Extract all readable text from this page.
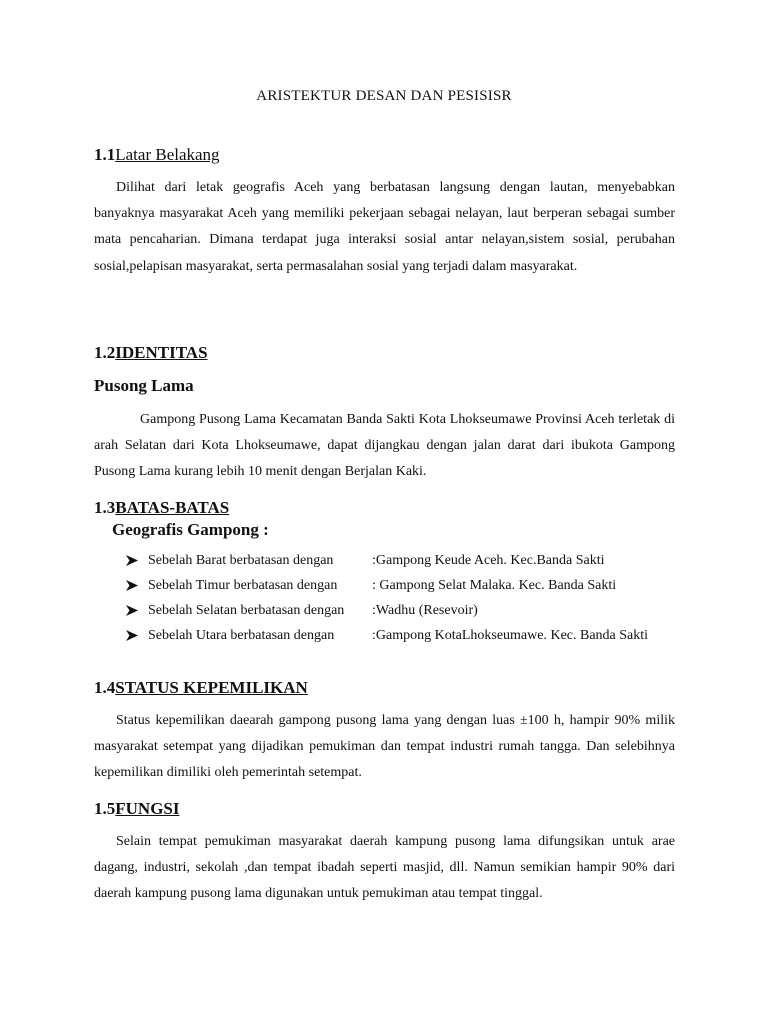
ARISTEKTUR DESAN DAN PESISISR
1.1Latar Belakang

Dilihat dari letak geografis Aceh yang berbatasan langsung dengan lautan, menyebabkan banyaknya masyarakat Aceh yang memiliki pekerjaan sebagai nelayan, laut berperan sebagai sumber mata pencaharian. Dimana terdapat juga interaksi sosial antar nelayan,sistem sosial, perubahan sosial,pelapisan masyarakat, serta permasalahan sosial yang terjadi dalam masyarakat.

1.2IDENTITAS
Pusong Lama

Gampong Pusong Lama Kecamatan Banda Sakti Kota Lhokseumawe Provinsi Aceh terletak di arah Selatan dari Kota Lhokseumawe, dapat dijangkau dengan jalan darat dari ibukota Gampong Pusong Lama kurang lebih 10 menit dengan Berjalan Kaki.

1.3BATAS-BATAS
Geografis Gampong :
Sebelah Barat berbatasan dengan	:Gampong Keude Aceh. Kec.Banda Sakti
Sebelah Timur berbatasan dengan : Gampong Selat Malaka. Kec. Banda Sakti
Sebelah Selatan berbatasan dengan :Wadhu (Resevoir)
Sebelah Utara berbatasan dengan	:Gampong KotaLhokseumawe. Kec. Banda Sakti
1.4STATUS KEPEMILIKAN

Status kepemilikan daearah gampong pusong lama yang dengan luas ±100 h, hampir 90% milik masyarakat setempat yang dijadikan pemukiman dan tempat industri rumah tangga. Dan selebihnya kepemilikan dimiliki oleh pemerintah setempat.

1.5FUNGSI

Selain tempat pemukiman masyarakat daerah kampung pusong lama difungsikan untuk arae dagang, industri, sekolah ,dan tempat ibadah seperti masjid, dll. Namun semikian hampir 90% dari daerah kampung pusong lama digunakan untuk pemukiman atau tempat tinggal.
